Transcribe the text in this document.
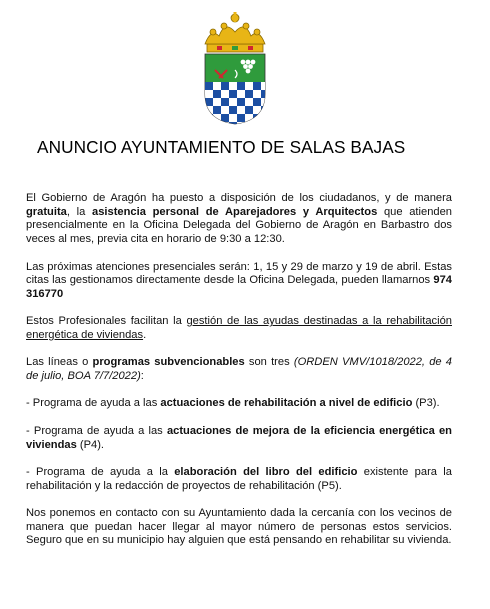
ANUNCIO AYUNTAMIENTO DE SALAS BAJAS

El Gobierno de Aragón ha puesto a disposición de los ciudadanos, y de manera gratuita, la asistencia personal de Aparejadores y Arquitectos que atienden presencialmente en la Oficina Delegada del Gobierno de Aragón en Barbastro dos veces al mes, previa cita en horario de 9:30 a 12:30.

Las próximas atenciones presenciales serán: 1, 15 y 29 de marzo y 19 de abril. Estas citas las gestionamos directamente desde la Oficina Delegada, pueden llamarnos 974 316770

Estos Profesionales facilitan la gestión de las ayudas destinadas a la rehabilitación energética de viviendas.

Las líneas o programas subvencionables son tres (ORDEN VMV/1018/2022, de 4 de julio, BOA 7/7/2022):

- Programa de ayuda a las actuaciones de rehabilitación a nivel de edificio (P3).

- Programa de ayuda a las actuaciones de mejora de la eficiencia energética en viviendas (P4).

- Programa de ayuda a la elaboración del libro del edificio existente para la rehabilitación y la redacción de proyectos de rehabilitación (P5).

Nos ponemos en contacto con su Ayuntamiento dada la cercanía con los vecinos de manera que puedan hacer llegar al mayor número de personas estos servicios. Seguro que en su municipio hay alguien que está pensando en rehabilitar su vivienda.
